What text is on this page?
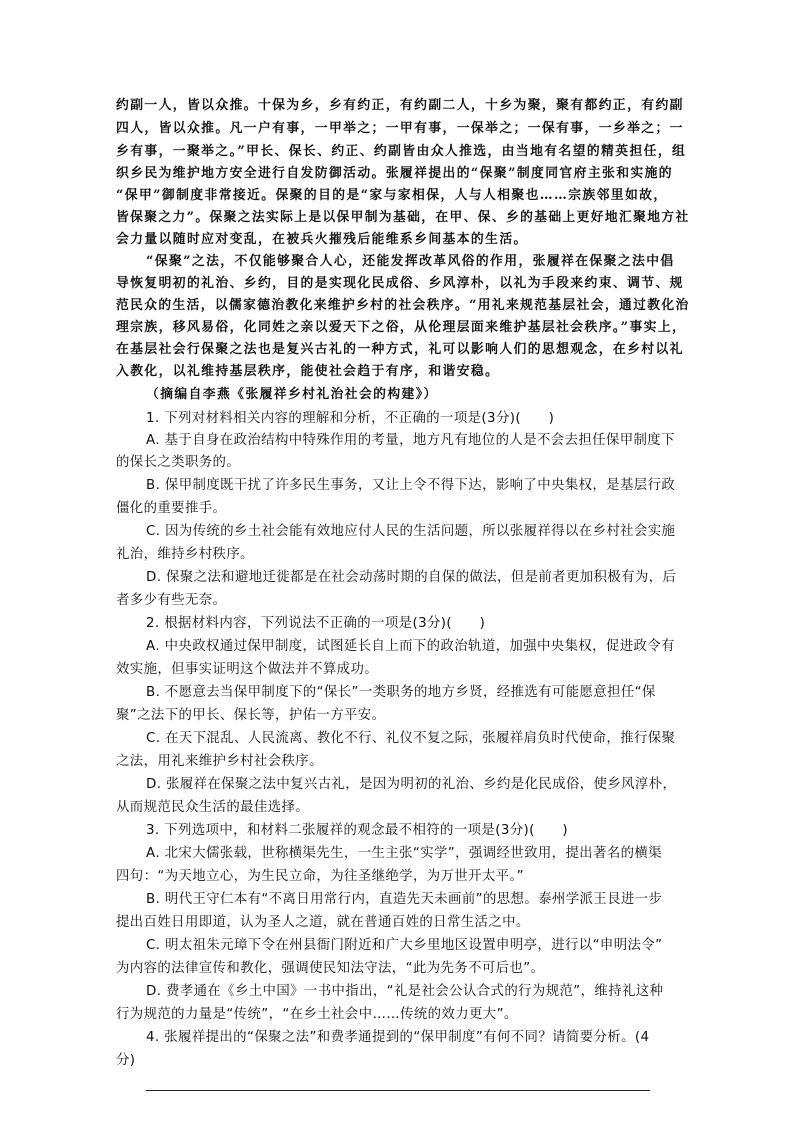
约副一人，皆以众推。十保为乡，乡有约正，有约副二人，十乡为聚，聚有都约正，有约副
四人，皆以众推。凡一户有事，一甲举之；一甲有事，一保举之；一保有事，一乡举之；一
乡有事，一聚举之。”甲长、保长、约正、约副皆由众人推选，由当地有名望的精英担任，组
织乡民为维护地方安全进行自发防御活动。张履祥提出的“保聚”制度同官府主张和实施的
“保甲”御制度非常接近。保聚的目的是“家与家相保，人与人相聚也……宗族邻里如故，
皆保聚之力”。保聚之法实际上是以保甲制为基础，在甲、保、乡的基础上更好地汇聚地方社
会力量以随时应对变乱，在被兵火摧残后能维系乡间基本的生活。
“保聚”之法，不仅能够聚合人心，还能发挥改革风俗的作用，张履祥在保聚之法中倡
导恢复明初的礼治、乡约，目的是实现化民成俗、乡风淳朴，以礼为手段来约束、调节、规
范民众的生活，以儒家德治教化来维护乡村的社会秩序。“用礼来规范基层社会，通过教化治
理宗族，移风易俗，化同姓之亲以爱天下之俗，从伦理层面来维护基层社会秩序。”事实上，
在基层社会行保聚之法也是复兴古礼的一种方式，礼可以影响人们的思想观念，在乡村以礼
入教化，以礼维持基层秩序，能使社会趋于有序，和谐安稳。
（摘编自李燕《张履祥乡村礼治社会的构建》）
1. 下列对材料相关内容的理解和分析，不正确的一项是(3分)(　　)
A. 基于自身在政治结构中特殊作用的考量，地方凡有地位的人是不会去担任保甲制度下
的保长之类职务的。
B. 保甲制度既干扰了许多民生事务，又让上令不得下达，影响了中央集权，是基层行政
僵化的重要推手。
C. 因为传统的乡土社会能有效地应付人民的生活问题，所以张履祥得以在乡村社会实施
礼治，维持乡村秩序。
D. 保聚之法和避地迁徙都是在社会动荡时期的自保的做法，但是前者更加积极有为，后
者多少有些无奈。
2. 根据材料内容，下列说法不正确的一项是(3分)(　　)
A. 中央政权通过保甲制度，试图延长自上而下的政治轨道，加强中央集权，促进政令有
效实施，但事实证明这个做法并不算成功。
B. 不愿意去当保甲制度下的“保长”一类职务的地方乡贤，经推选有可能愿意担任“保
聚”之法下的甲长、保长等，护佑一方平安。
C. 在天下混乱、人民流离、教化不行、礼仪不复之际，张履祥肩负时代使命，推行保聚
之法，用礼来维护乡村社会秩序。
D. 张履祥在保聚之法中复兴古礼，是因为明初的礼治、乡约是化民成俗，使乡风淳朴，
从而规范民众生活的最佳选择。
3. 下列选项中，和材料二张履祥的观念最不相符的一项是(3分)(　　)
A. 北宋大儒张载，世称横渠先生，一生主张“实学”，强调经世致用，提出著名的横渠
四句：“为天地立心，为生民立命，为往圣继绝学，为万世开太平。”
B. 明代王守仁本有“不离日用常行内，直造先天未画前”的思想。泰州学派王艮进一步
提出百姓日用即道，认为圣人之道，就在普通百姓的日常生活之中。
C. 明太祖朱元璋下令在州县衙门附近和广大乡里地区设置申明亭，进行以“申明法令”
为内容的法律宣传和教化，强调使民知法守法，“此为先务不可后也”。
D. 费孝通在《乡土中国》一书中指出，“礼是社会公认合式的行为规范”，维持礼这种
行为规范的力量是“传统”，“在乡土社会中……传统的效力更大”。
4. 张履祥提出的“保聚之法”和费孝通提到的“保甲制度”有何不同？请简要分析。(4
分)
